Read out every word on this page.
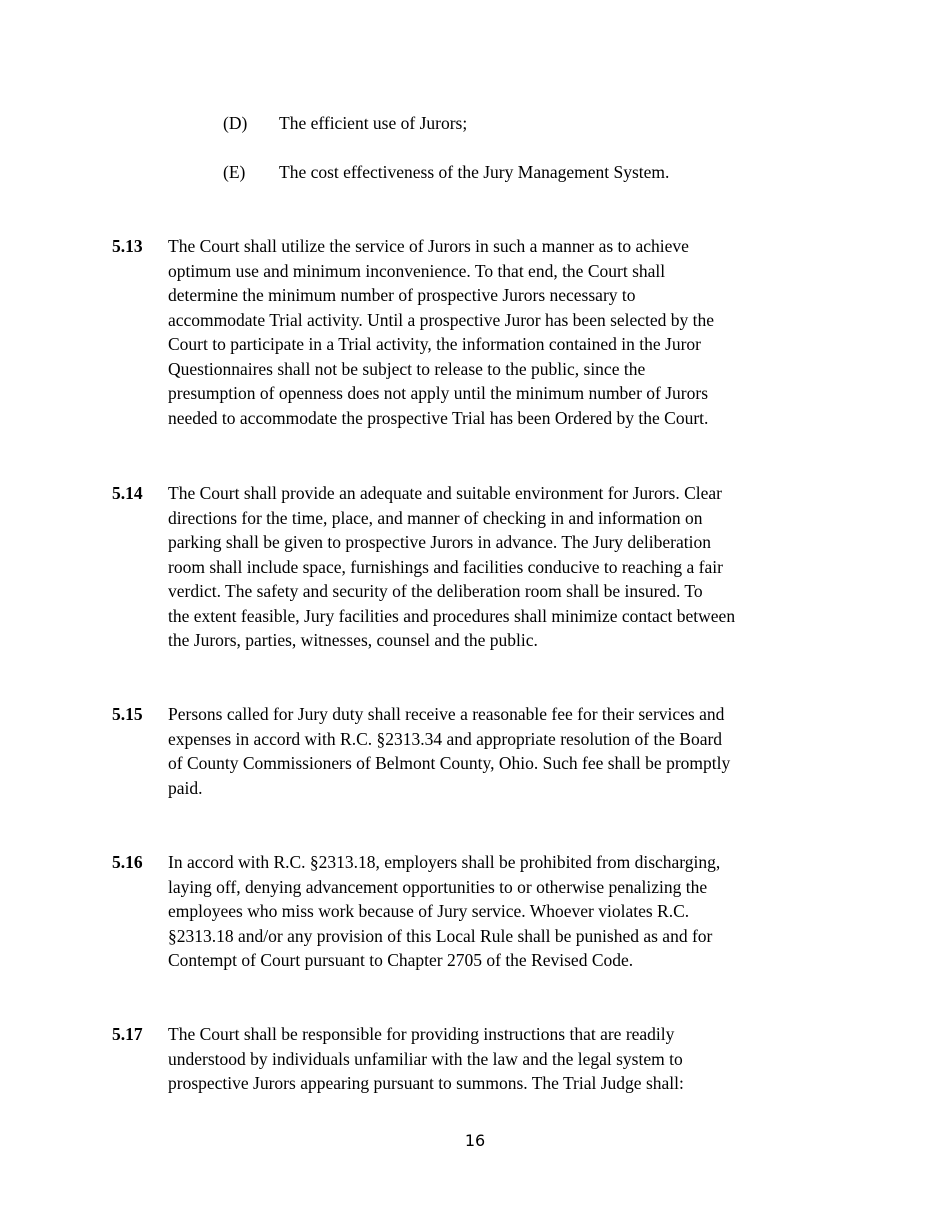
(D) The efficient use of Jurors;
(E) The cost effectiveness of the Jury Management System.
5.13 The Court shall utilize the service of Jurors in such a manner as to achieve
optimum use and minimum inconvenience. To that end, the Court shall
determine the minimum number of prospective Jurors necessary to
accommodate Trial activity. Until a prospective Juror has been selected by the
Court to participate in a Trial activity, the information contained in the Juror
Questionnaires shall not be subject to release to the public, since the
presumption of openness does not apply until the minimum number of Jurors
needed to accommodate the prospective Trial has been Ordered by the Court.
5.14 The Court shall provide an adequate and suitable environment for Jurors. Clear
directions for the time, place, and manner of checking in and information on
parking shall be given to prospective Jurors in advance. The Jury deliberation
room shall include space, furnishings and facilities conducive to reaching a fair
verdict. The safety and security of the deliberation room shall be insured. To
the extent feasible, Jury facilities and procedures shall minimize contact between
the Jurors, parties, witnesses, counsel and the public.
5.15 Persons called for Jury duty shall receive a reasonable fee for their services and
expenses in accord with R.C. §2313.34 and appropriate resolution of the Board
of County Commissioners of Belmont County, Ohio. Such fee shall be promptly
paid.
5.16 In accord with R.C. §2313.18, employers shall be prohibited from discharging,
laying off, denying advancement opportunities to or otherwise penalizing the
employees who miss work because of Jury service. Whoever violates R.C.
§2313.18 and/or any provision of this Local Rule shall be punished as and for
Contempt of Court pursuant to Chapter 2705 of the Revised Code.
5.17 The Court shall be responsible for providing instructions that are readily
understood by individuals unfamiliar with the law and the legal system to
prospective Jurors appearing pursuant to summons. The Trial Judge shall:
16
